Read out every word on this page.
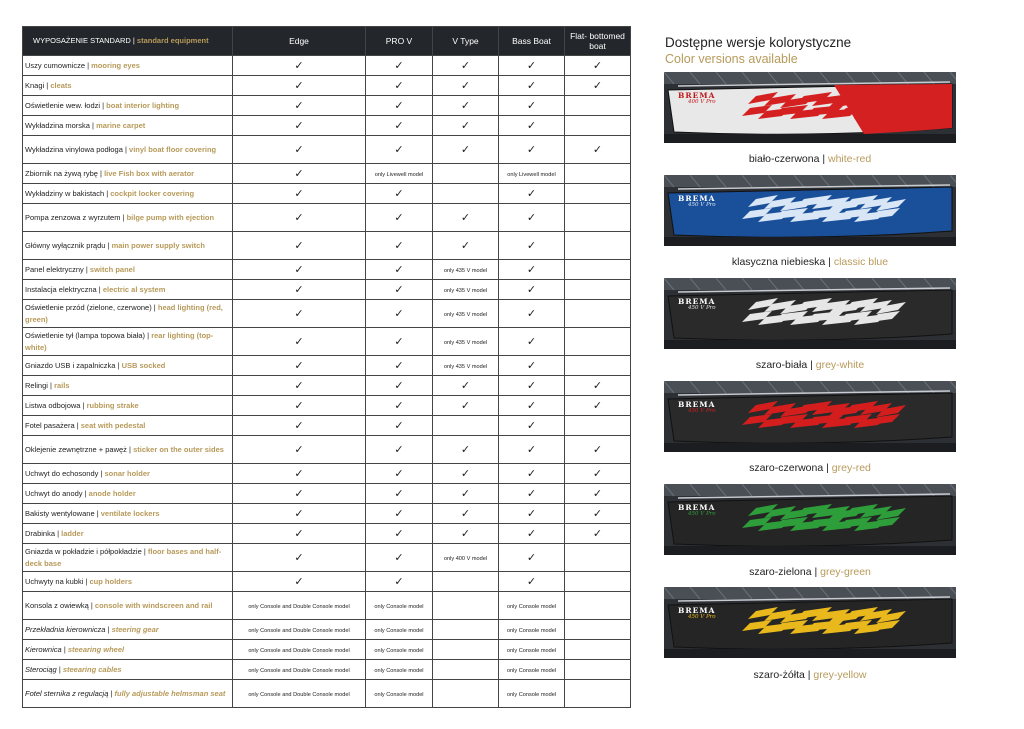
WYPOSAŻENIE STANDARD | standard equipment	Edge	PRO V	V Type	Bass Boat	Flat- bottomed boat
Uszy cumownicze | mooring eyes	✓	✓	✓	✓	✓
Knagi | cleats	✓	✓	✓	✓	✓
Oświetlenie wew. łodzi | boat interior lighting	✓	✓	✓	✓	
Wykładzina morska | marine carpet	✓	✓	✓	✓	
Wykładzina vinylowa podłoga | vinyl boat floor covering	✓	✓	✓	✓	✓
Zbiornik na żywą rybę | live Fish box with aerator	✓	only Livewell model		only Livewell model	
Wykładziny w bakistach | cockpit locker covering	✓	✓		✓	
Pompa zenzowa z wyrzutem | bilge pump with ejection	✓	✓	✓	✓	
Główny wyłącznik prądu | main power supply switch	✓	✓	✓	✓	
Panel elektryczny | switch panel	✓	✓	only 435 V model	✓	
Instalacja elektryczna | electric al system	✓	✓	only 435 V model	✓	
Oświetlenie przód (zielone, czerwone) | head lighting (red, green)	✓	✓	only 435 V model	✓	
Oświetlenie tył (lampa topowa biała) | rear lighting (top-white)	✓	✓	only 435 V model	✓	
Gniazdo USB i zapalniczka | USB socked	✓	✓	only 435 V model	✓	
Relingi | rails	✓	✓	✓	✓	✓
Listwa odbojowa | rubbing strake	✓	✓	✓	✓	✓
Fotel pasażera | seat with pedestal	✓	✓		✓	
Oklejenie zewnętrzne + pawęż | sticker on the outer sides	✓	✓	✓	✓	✓
Uchwyt do echosondy | sonar holder	✓	✓	✓	✓	✓
Uchwyt do anody | anode holder	✓	✓	✓	✓	✓
Bakisty wentylowane | ventilate lockers	✓	✓	✓	✓	✓
Drabinka | ladder	✓	✓	✓	✓	✓
Gniazda w pokładzie i półpokładzie | floor bases and half-deck base	✓	✓	only 400 V model	✓	
Uchwyty na kubki | cup holders	✓	✓		✓	
Konsola z owiewką | console with windscreen and rail	only Console and Double Console model	only Console model		only Console model	
Przekładnia kierownicza | steering gear	only Console and Double Console model	only Console model		only Console model	
Kierownica | steearing wheel	only Console and Double Console model	only Console model		only Console model	
Sterociąg | steearing cables	only Console and Double Console model	only Console model		only Console model	
Fotel sternika z regulacją | fully adjustable helmsman seat	only Console and Double Console model	only Console model		only Console model	
Dostępne wersje kolorystyczne
Color versions available
BREMA
400 V Pro
biało-czerwona | white-red
BREMA
450 V Pro
klasyczna niebieska | classic blue
BREMA
450 V Pro
szaro-biała | grey-white
BREMA
450 V Pro
szaro-czerwona | grey-red
BREMA
450 V Pro
szaro-zielona | grey-green
BREMA
450 V Pro
szaro-żółta | grey-yellow
